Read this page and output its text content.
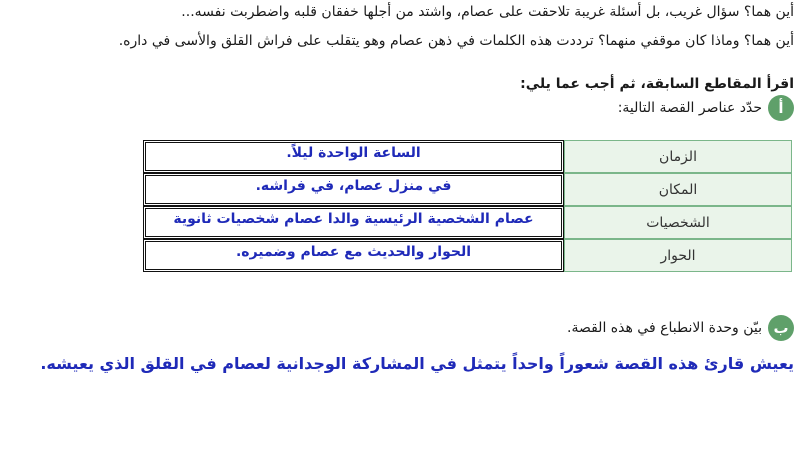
أين هما؟ سؤال غريب، بل أسئلة غريبة تلاحقت على عصام، واشتد من أجلها خفقان قلبه واضطربت نفسه...
أين هما؟ وماذا كان موقفي منهما؟ ترددت هذه الكلمات في ذهن عصام وهو يتقلب على فراش القلق والأسى في داره.
اقرأ المقاطع السابقة، ثم أجب عما يلي:
أ
حدّد عناصر القصة التالية:
الزمان
الساعة الواحدة ليلاً.
المكان
في منزل عصام، في فراشه.
الشخصيات
عصام الشخصية الرئيسية والدا عصام شخصيات ثانوية
الحوار
الحوار والحديث مع عصام وضميره.
ب
بيّن وحدة الانطباع في هذه القصة.
يعيش قارئ هذه القصة شعوراً واحداً يتمثل في المشاركة الوجدانية لعصام في القلق الذي يعيشه.
